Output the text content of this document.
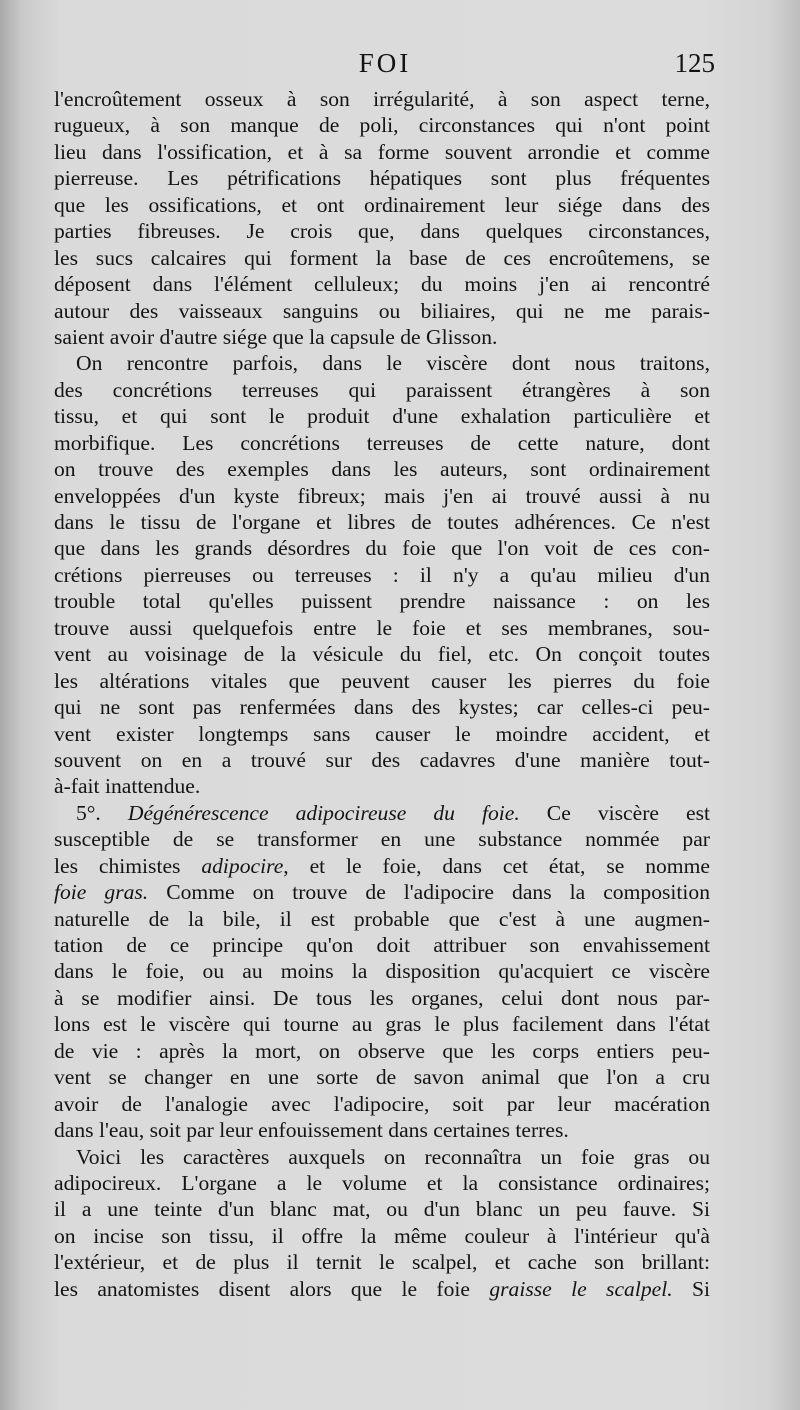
FOI	125
l'encroûtement osseux à son irrégularité, à son aspect terne,
rugueux, à son manque de poli, circonstances qui n'ont point
lieu dans l'ossification, et à sa forme souvent arrondie et comme
pierreuse. Les pétrifications hépatiques sont plus fréquentes
que les ossifications, et ont ordinairement leur siége dans des
parties fibreuses. Je crois que, dans quelques circonstances,
les sucs calcaires qui forment la base de ces encroûtemens, se
déposent dans l'élément celluleux; du moins j'en ai rencontré
autour des vaisseaux sanguins ou biliaires, qui ne me parais-
saient avoir d'autre siége que la capsule de Glisson.
On rencontre parfois, dans le viscère dont nous traitons,
des concrétions terreuses qui paraissent étrangères à son
tissu, et qui sont le produit d'une exhalation particulière et
morbifique. Les concrétions terreuses de cette nature, dont
on trouve des exemples dans les auteurs, sont ordinairement
enveloppées d'un kyste fibreux; mais j'en ai trouvé aussi à nu
dans le tissu de l'organe et libres de toutes adhérences. Ce n'est
que dans les grands désordres du foie que l'on voit de ces con-
crétions pierreuses ou terreuses : il n'y a qu'au milieu d'un
trouble total qu'elles puissent prendre naissance : on les
trouve aussi quelquefois entre le foie et ses membranes, sou-
vent au voisinage de la vésicule du fiel, etc. On conçoit toutes
les altérations vitales que peuvent causer les pierres du foie
qui ne sont pas renfermées dans des kystes; car celles-ci peu-
vent exister longtemps sans causer le moindre accident, et
souvent on en a trouvé sur des cadavres d'une manière tout-
à-fait inattendue.
5°. Dégénérescence adipocireuse du foie. Ce viscère est
susceptible de se transformer en une substance nommée par
les chimistes adipocire, et le foie, dans cet état, se nomme
foie gras. Comme on trouve de l'adipocire dans la composition
naturelle de la bile, il est probable que c'est à une augmen-
tation de ce principe qu'on doit attribuer son envahissement
dans le foie, ou au moins la disposition qu'acquiert ce viscère
à se modifier ainsi. De tous les organes, celui dont nous par-
lons est le viscère qui tourne au gras le plus facilement dans l'état
de vie : après la mort, on observe que les corps entiers peu-
vent se changer en une sorte de savon animal que l'on a cru
avoir de l'analogie avec l'adipocire, soit par leur macération
dans l'eau, soit par leur enfouissement dans certaines terres.
Voici les caractères auxquels on reconnaîtra un foie gras ou
adipocireux. L'organe a le volume et la consistance ordinaires;
il a une teinte d'un blanc mat, ou d'un blanc un peu fauve. Si
on incise son tissu, il offre la même couleur à l'intérieur qu'à
l'extérieur, et de plus il ternit le scalpel, et cache son brillant:
les anatomistes disent alors que le foie graisse le scalpel. Si
